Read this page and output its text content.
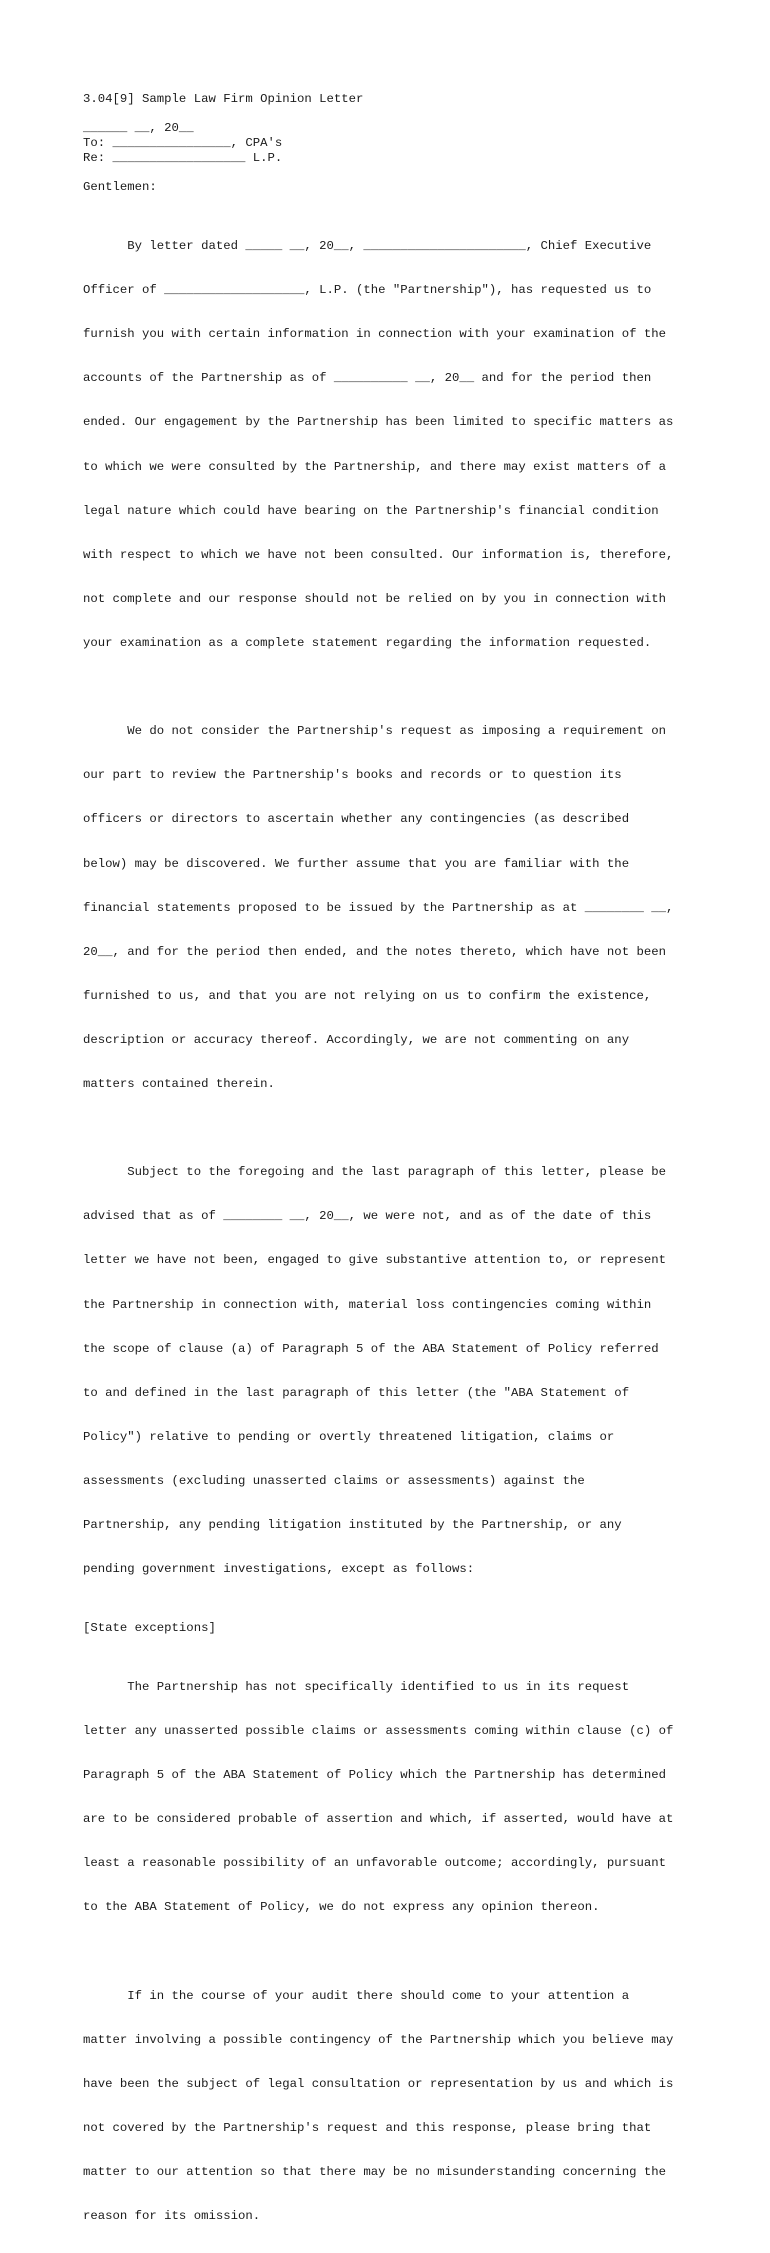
3.04[9] Sample Law Firm Opinion Letter
______ __, 20__
To: ________________, CPA's
Re: __________________ L.P.
Gentlemen:

By letter dated _____ __, 20__, ______________________, Chief Executive

Officer of ___________________, L.P. (the "Partnership"), has requested us to

furnish you with certain information in connection with your examination of the

accounts of the Partnership as of __________ __, 20__ and for the period then

ended. Our engagement by the Partnership has been limited to specific matters as

to which we were consulted by the Partnership, and there may exist matters of a

legal nature which could have bearing on the Partnership's financial condition

with respect to which we have not been consulted. Our information is, therefore,

not complete and our response should not be relied on by you in connection with

your examination as a complete statement regarding the information requested.

We do not consider the Partnership's request as imposing a requirement on

our part to review the Partnership's books and records or to question its

officers or directors to ascertain whether any contingencies (as described

below) may be discovered. We further assume that you are familiar with the

financial statements proposed to be issued by the Partnership as at ________ __,

20__, and for the period then ended, and the notes thereto, which have not been

furnished to us, and that you are not relying on us to confirm the existence,

description or accuracy thereof. Accordingly, we are not commenting on any

matters contained therein.

Subject to the foregoing and the last paragraph of this letter, please be

advised that as of ________ __, 20__, we were not, and as of the date of this

letter we have not been, engaged to give substantive attention to, or represent

the Partnership in connection with, material loss contingencies coming within

the scope of clause (a) of Paragraph 5 of the ABA Statement of Policy referred

to and defined in the last paragraph of this letter (the "ABA Statement of

Policy") relative to pending or overtly threatened litigation, claims or

assessments (excluding unasserted claims or assessments) against the

Partnership, any pending litigation instituted by the Partnership, or any

pending government investigations, except as follows:

[State exceptions]

The Partnership has not specifically identified to us in its request

letter any unasserted possible claims or assessments coming within clause (c) of

Paragraph 5 of the ABA Statement of Policy which the Partnership has determined

are to be considered probable of assertion and which, if asserted, would have at

least a reasonable possibility of an unfavorable outcome; accordingly, pursuant

to the ABA Statement of Policy, we do not express any opinion thereon.

If in the course of your audit there should come to your attention a

matter involving a possible contingency of the Partnership which you believe may

have been the subject of legal consultation or representation by us and which is

not covered by the Partnership's request and this response, please bring that

matter to our attention so that there may be no misunderstanding concerning the

reason for its omission.
